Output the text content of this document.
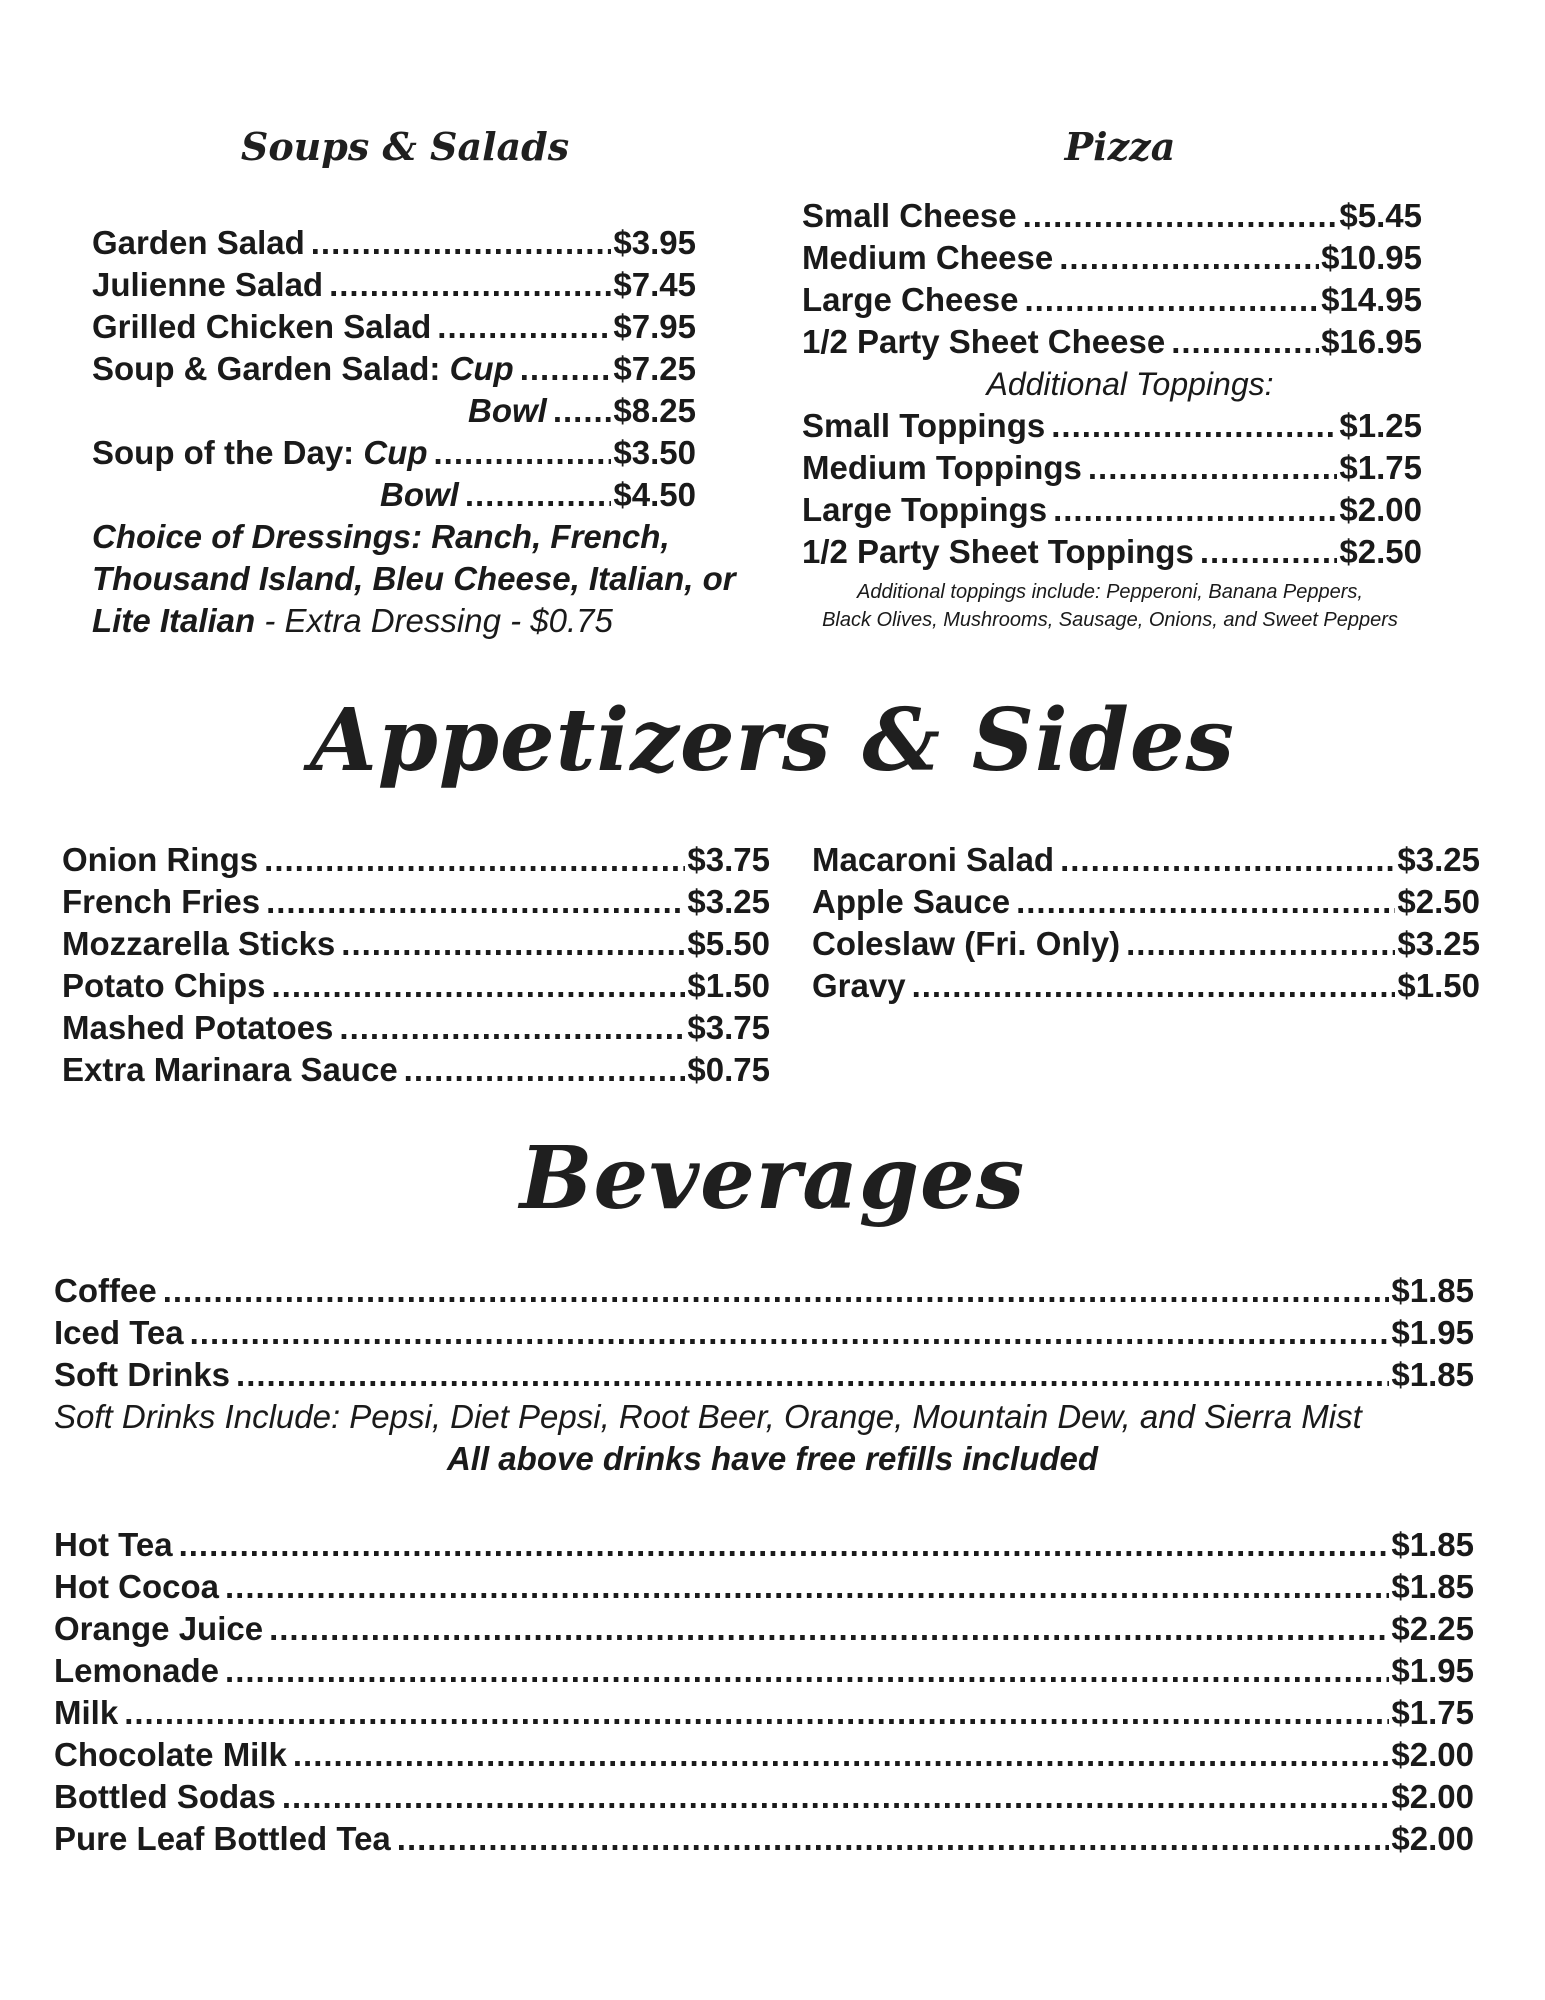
Soups & Salads
Garden Salad .....	$3.95
Julienne Salad .....	$7.45
Grilled Chicken Salad .....	$7.95
Soup & Garden Salad: Cup .....	$7.25
Bowl ..... $8.25
Soup of the Day: Cup .....	$3.50
Bowl .....	$4.50
Choice of Dressings: Ranch, French, Thousand Island, Bleu Cheese, Italian, or Lite Italian - Extra Dressing - $0.75
Pizza
Small Cheese .....	$5.45
Medium Cheese .....	$10.95
Large Cheese .....	$14.95
1/2 Party Sheet Cheese .....	$16.95
Additional Toppings:
Small Toppings .....	$1.25
Medium Toppings .....	$1.75
Large Toppings .....	$2.00
1/2 Party Sheet Toppings .....	$2.50
Additional toppings include: Pepperoni, Banana Peppers,
Black Olives, Mushrooms, Sausage, Onions, and Sweet Peppers
Appetizers & Sides
Onion Rings .....	$3.75
French Fries .....	$3.25
Mozzarella Sticks .....	$5.50
Potato Chips .....	$1.50
Mashed Potatoes .....	$3.75
Extra Marinara Sauce .....	$0.75
Macaroni Salad .....	$3.25
Apple Sauce .....	$2.50
Coleslaw (Fri. Only) .....	$3.25
Gravy .....	$1.50
Beverages
Coffee .....	$1.85
Iced Tea .....	$1.95
Soft Drinks .....	$1.85
Soft Drinks Include: Pepsi, Diet Pepsi, Root Beer, Orange, Mountain Dew, and Sierra Mist
All above drinks have free refills included
Hot Tea .....	$1.85
Hot Cocoa .....	$1.85
Orange Juice .....	$2.25
Lemonade .....	$1.95
Milk .....	$1.75
Chocolate Milk .....	$2.00
Bottled Sodas .....	$2.00
Pure Leaf Bottled Tea .....	$2.00
